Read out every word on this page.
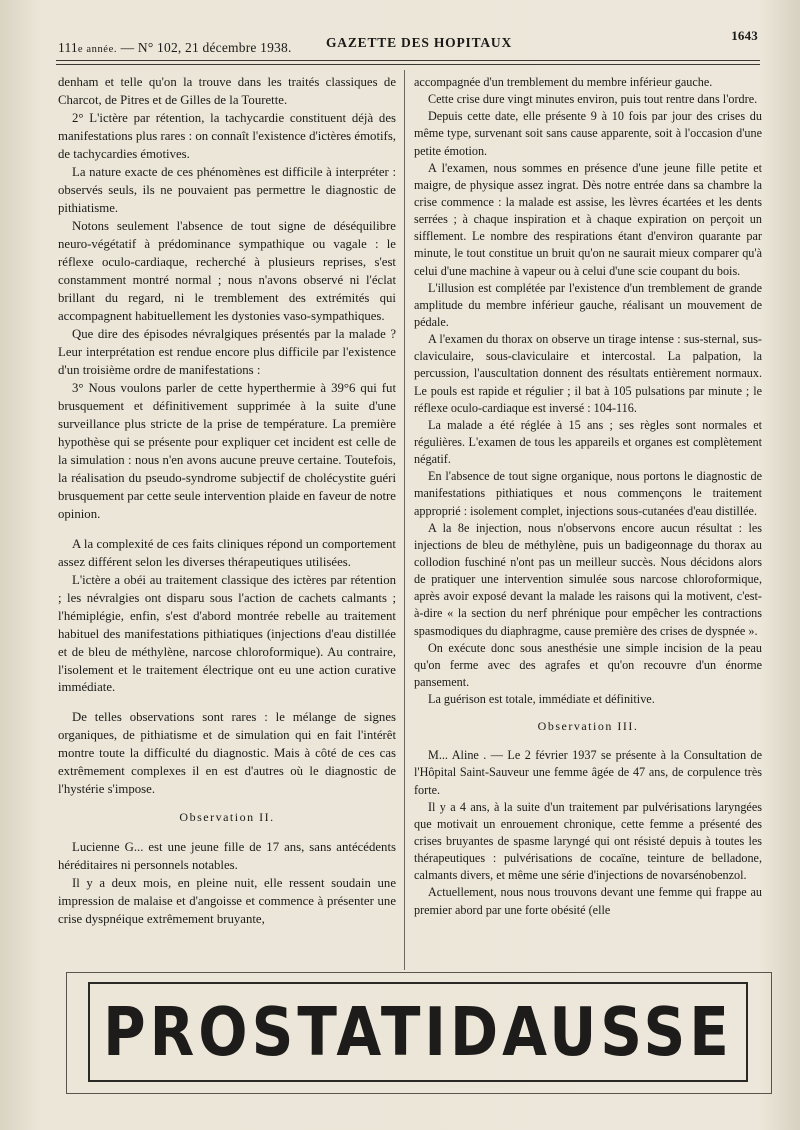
111e année. — N° 102, 21 décembre 1938.	GAZETTE DES HOPITAUX	1643

denham et telle qu'on la trouve dans les traités classiques de Charcot, de Pitres et de Gilles de la Tourette.

2° L'ictère par rétention, la tachycardie constituent déjà des manifestations plus rares : on connaît l'existence d'ictères émotifs, de tachycardies émotives.

La nature exacte de ces phénomènes est difficile à interpréter : observés seuls, ils ne pouvaient pas permettre le diagnostic de pithiatisme.

Notons seulement l'absence de tout signe de déséquilibre neuro-végétatif à prédominance sympathique ou vagale : le réflexe oculo-cardiaque, recherché à plusieurs reprises, s'est constamment montré normal ; nous n'avons observé ni l'éclat brillant du regard, ni le tremblement des extrémités qui accompagnent habituellement les dystonies vaso-sympathiques.

Que dire des épisodes névralgiques présentés par la malade ? Leur interprétation est rendue encore plus difficile par l'existence d'un troisième ordre de manifestations :

3° Nous voulons parler de cette hyperthermie à 39°6 qui fut brusquement et définitivement supprimée à la suite d'une surveillance plus stricte de la prise de température. La première hypothèse qui se présente pour expliquer cet incident est celle de la simulation : nous n'en avons aucune preuve certaine. Toutefois, la réalisation du pseudo-syndrome subjectif de cholécystite guéri brusquement par cette seule intervention plaide en faveur de notre opinion.

A la complexité de ces faits cliniques répond un comportement assez différent selon les diverses thérapeutiques utilisées.

L'ictère a obéi au traitement classique des ictères par rétention ; les névralgies ont disparu sous l'action de cachets calmants ; l'hémiplégie, enfin, s'est d'abord montrée rebelle au traitement habituel des manifestations pithiatiques (injections d'eau distillée et de bleu de méthylène, narcose chloroformique). Au contraire, l'isolement et le traitement électrique ont eu une action curative immédiate.

De telles observations sont rares : le mélange de signes organiques, de pithiatisme et de simulation qui en fait l'intérêt montre toute la difficulté du diagnostic. Mais à côté de ces cas extrêmement complexes il en est d'autres où le diagnostic de l'hystérie s'impose.

Observation II.

Lucienne G... est une jeune fille de 17 ans, sans antécédents héréditaires ni personnels notables.

Il y a deux mois, en pleine nuit, elle ressent soudain une impression de malaise et d'angoisse et commence à présenter une crise dyspnéique extrêmement bruyante,

accompagnée d'un tremblement du membre inférieur gauche.

Cette crise dure vingt minutes environ, puis tout rentre dans l'ordre.

Depuis cette date, elle présente 9 à 10 fois par jour des crises du même type, survenant soit sans cause apparente, soit à l'occasion d'une petite émotion.

A l'examen, nous sommes en présence d'une jeune fille petite et maigre, de physique assez ingrat. Dès notre entrée dans sa chambre la crise commence : la malade est assise, les lèvres écartées et les dents serrées ; à chaque inspiration et à chaque expiration on perçoit un sifflement. Le nombre des respirations étant d'environ quarante par minute, le tout constitue un bruit qu'on ne saurait mieux comparer qu'à celui d'une machine à vapeur ou à celui d'une scie coupant du bois.

L'illusion est complétée par l'existence d'un tremblement de grande amplitude du membre inférieur gauche, réalisant un mouvement de pédale.

A l'examen du thorax on observe un tirage intense : sus-sternal, sus-claviculaire, sous-claviculaire et intercostal. La palpation, la percussion, l'auscultation donnent des résultats entièrement normaux. Le pouls est rapide et régulier ; il bat à 105 pulsations par minute ; le réflexe oculo-cardiaque est inversé : 104-116.

La malade a été réglée à 15 ans ; ses règles sont normales et régulières. L'examen de tous les appareils et organes est complètement négatif.

En l'absence de tout signe organique, nous portons le diagnostic de manifestations pithiatiques et nous commençons le traitement approprié : isolement complet, injections sous-cutanées d'eau distillée.

A la 8e injection, nous n'observons encore aucun résultat : les injections de bleu de méthylène, puis un badigeonnage du thorax au collodion fuschiné n'ont pas un meilleur succès. Nous décidons alors de pratiquer une intervention simulée sous narcose chloroformique, après avoir exposé devant la malade les raisons qui la motivent, c'est-à-dire « la section du nerf phrénique pour empêcher les contractions spasmodiques du diaphragme, cause première des crises de dyspnée ».

On exécute donc sous anesthésie une simple incision de la peau qu'on ferme avec des agrafes et qu'on recouvre d'un énorme pansement.

La guérison est totale, immédiate et définitive.

Observation III.

M... Aline . — Le 2 février 1937 se présente à la Consultation de l'Hôpital Saint-Sauveur une femme âgée de 47 ans, de corpulence très forte.

Il y a 4 ans, à la suite d'un traitement par pulvérisations laryngées que motivait un enrouement chronique, cette femme a présenté des crises bruyantes de spasme laryngé qui ont résisté depuis à toutes les thérapeutiques : pulvérisations de cocaïne, teinture de belladone, calmants divers, et même une série d'injections de novarsénobenzol.

Actuellement, nous nous trouvons devant une femme qui frappe au premier abord par une forte obésité (elle

PROSTATIDAUSSE
